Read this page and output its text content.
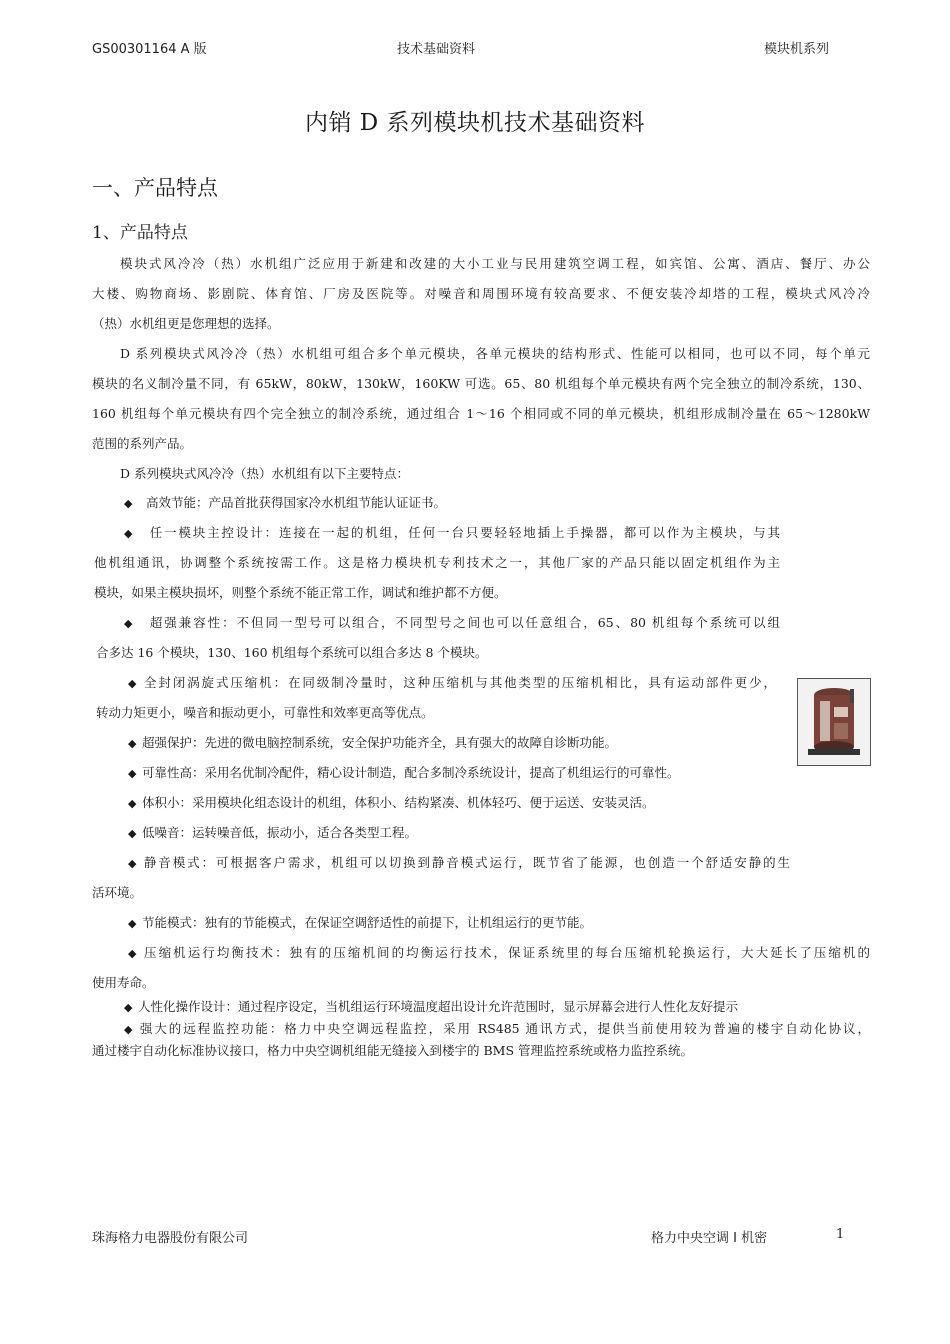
GS00301164 A 版	技术基础资料	模块机系列
内销 D 系列模块机技术基础资料
一、产品特点
1、产品特点
模块式风冷冷（热）水机组广泛应用于新建和改建的大小工业与民用建筑空调工程，如宾馆、公寓、酒店、餐厅、办公
大楼、购物商场、影剧院、体育馆、厂房及医院等。对噪音和周围环境有较高要求、不便安装冷却塔的工程，模块式风冷冷
（热）水机组更是您理想的选择。
D 系列模块式风冷冷（热）水机组可组合多个单元模块，各单元模块的结构形式、性能可以相同，也可以不同，每个单元
模块的名义制冷量不同，有 65kW，80kW，130kW，160KW 可选。65、80 机组每个单元模块有两个完全独立的制冷系统，130、
160 机组每个单元模块有四个完全独立的制冷系统，通过组合 1～16 个相同或不同的单元模块，机组形成制冷量在 65～1280kW
范围的系列产品。
D 系列模块式风冷冷（热）水机组有以下主要特点：
◆ 高效节能：产品首批获得国家冷水机组节能认证证书。
◆ 任一模块主控设计：连接在一起的机组，任何一台只要轻轻地插上手操器，都可以作为主模块，与其
他机组通讯，协调整个系统按需工作。这是格力模块机专利技术之一，其他厂家的产品只能以固定机组作为主
模块，如果主模块损坏，则整个系统不能正常工作，调试和维护都不方便。
◆ 超强兼容性：不但同一型号可以组合，不同型号之间也可以任意组合，65、80 机组每个系统可以组
合多达 16 个模块，130、160 机组每个系统可以组合多达 8 个模块。
◆ 全封闭涡旋式压缩机：在同级制冷量时，这种压缩机与其他类型的压缩机相比，具有运动部件更少，
转动力矩更小，噪音和振动更小，可靠性和效率更高等优点。
◆ 超强保护：先进的微电脑控制系统，安全保护功能齐全，具有强大的故障自诊断功能。
◆ 可靠性高：采用名优制冷配件，精心设计制造，配合多制冷系统设计，提高了机组运行的可靠性。
◆ 体积小：采用模块化组态设计的机组，体积小、结构紧凑、机体轻巧、便于运送、安装灵活。
◆ 低噪音：运转噪音低，振动小，适合各类型工程。
◆ 静音模式：可根据客户需求，机组可以切换到静音模式运行，既节省了能源，也创造一个舒适安静的生
活环境。
◆ 节能模式：独有的节能模式，在保证空调舒适性的前提下，让机组运行的更节能。
◆ 压缩机运行均衡技术：独有的压缩机间的均衡运行技术，保证系统里的每台压缩机轮换运行，大大延长了压缩机的
使用寿命。
◆ 人性化操作设计：通过程序设定，当机组运行环境温度超出设计允许范围时，显示屏幕会进行人性化友好提示
◆ 强大的远程监控功能：格力中央空调远程监控，采用 RS485 通讯方式，提供当前使用较为普遍的楼宇自动化协议，
通过楼宇自动化标准协议接口，格力中央空调机组能无缝接入到楼宇的 BMS 管理监控系统或格力监控系统。
珠海格力电器股份有限公司	格力中央空调 I 机密	1
